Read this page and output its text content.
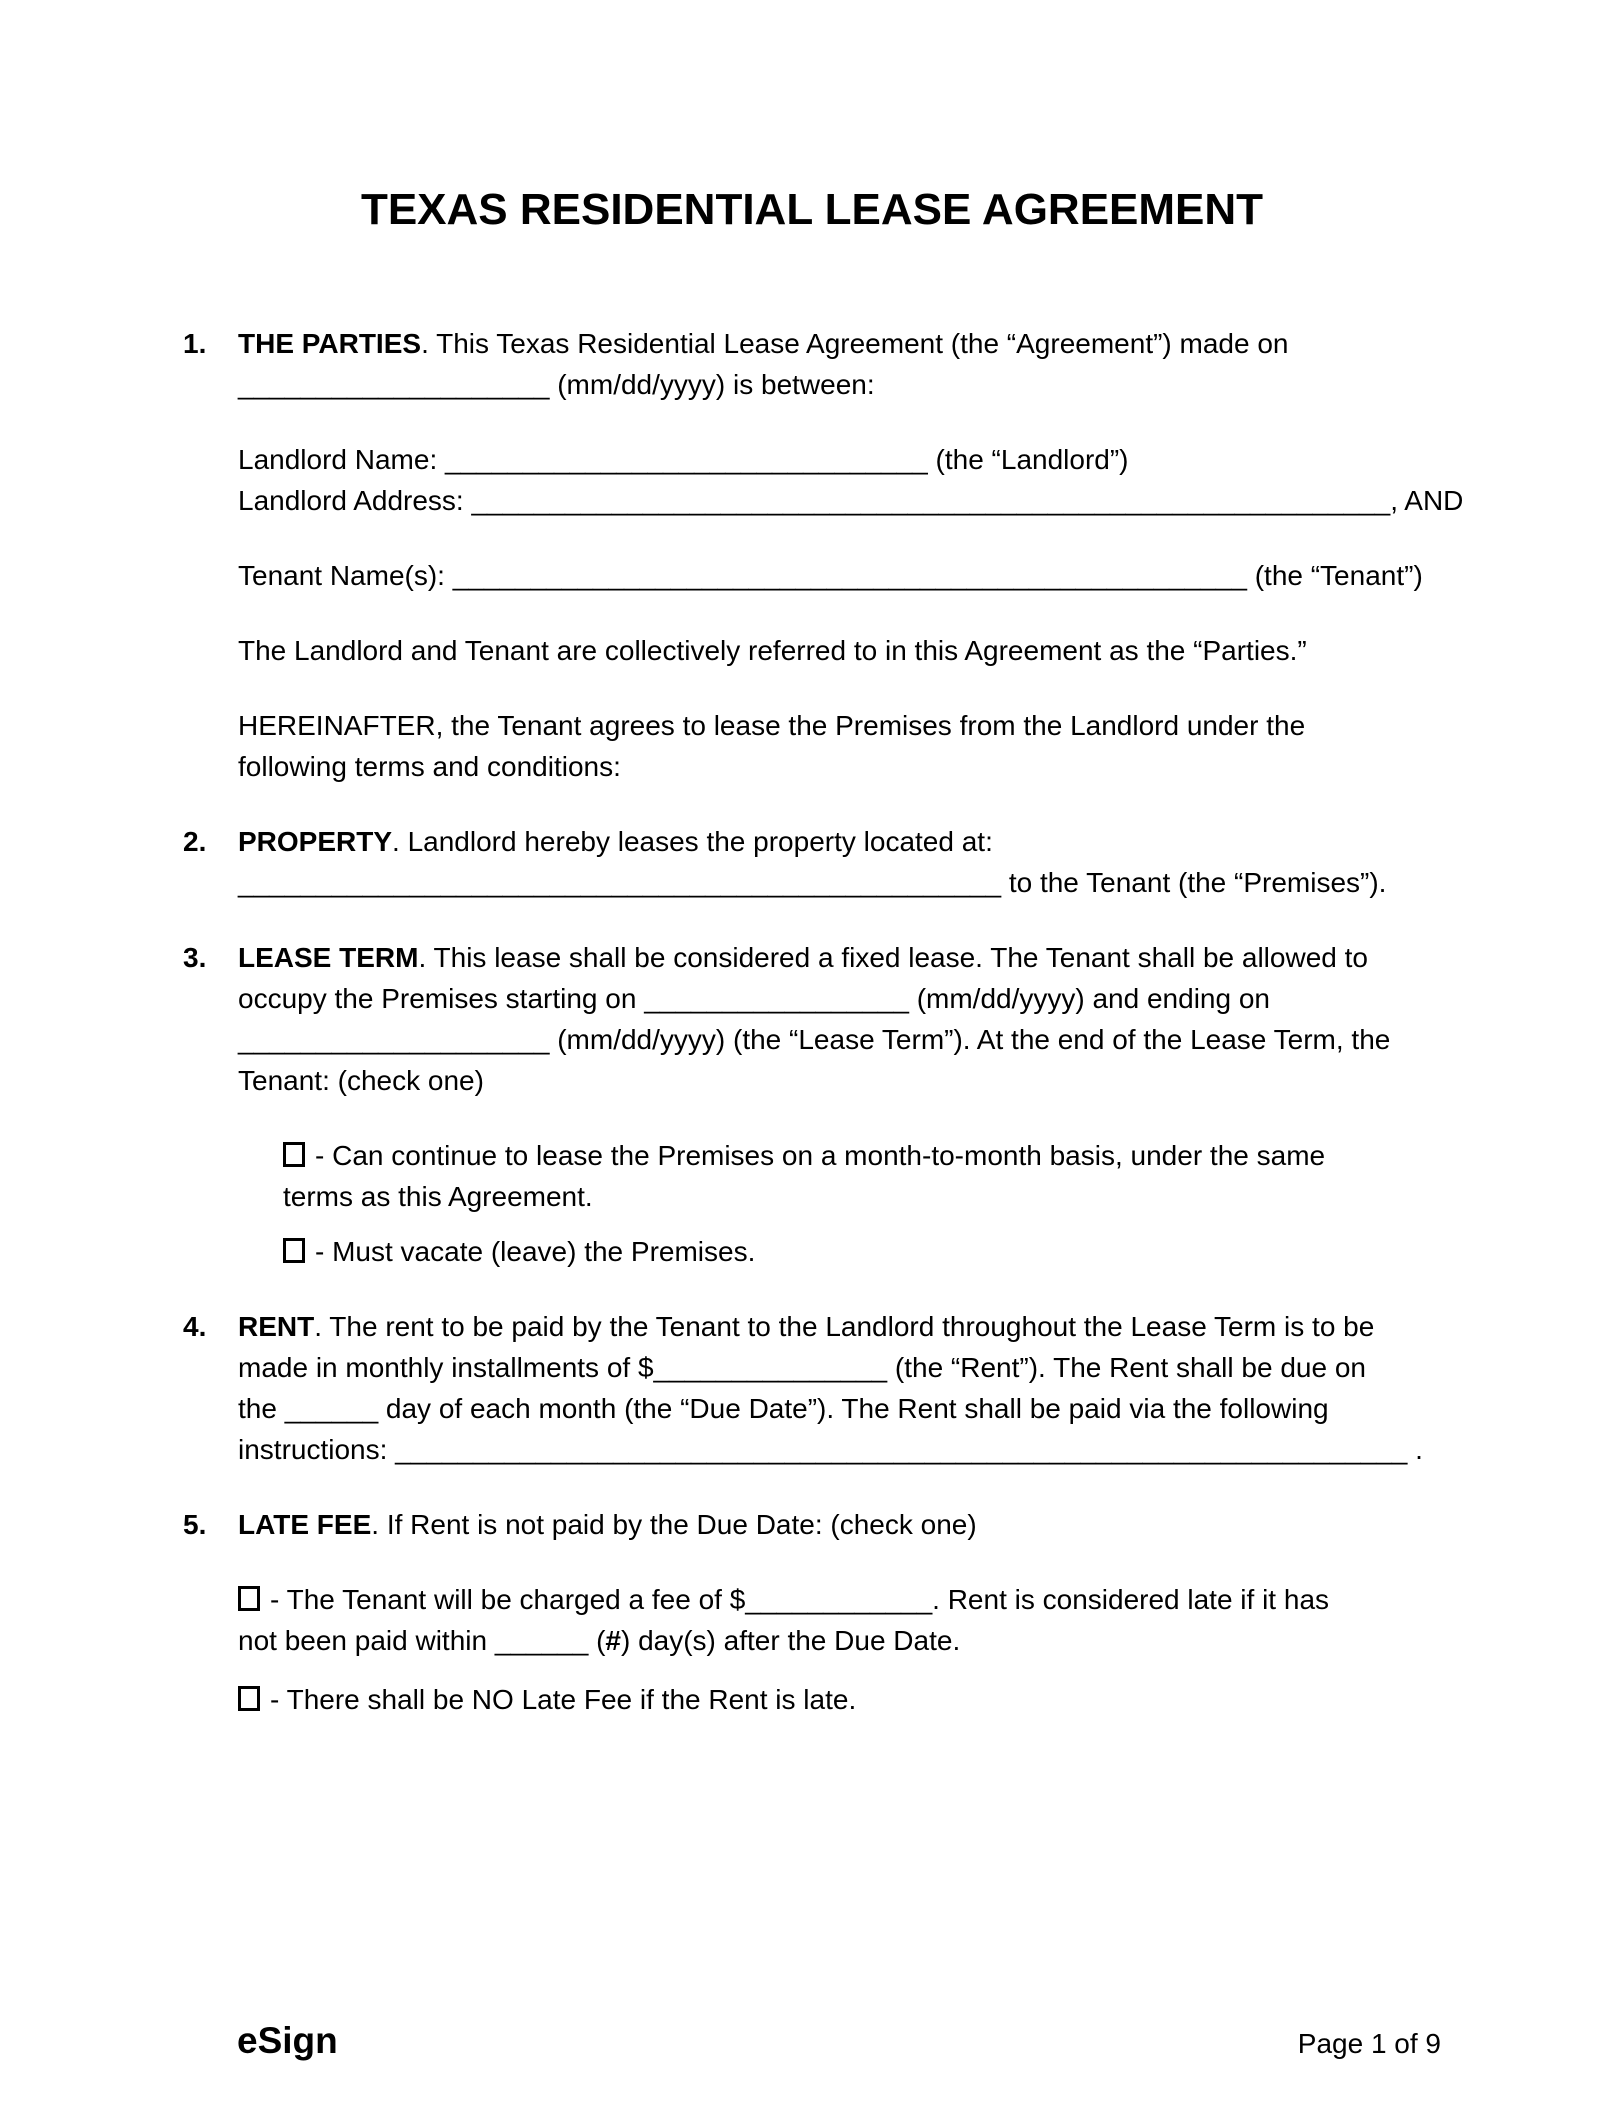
TEXAS RESIDENTIAL LEASE AGREEMENT
1.	THE PARTIES. This Texas Residential Lease Agreement (the “Agreement”) made on
____________________ (mm/dd/yyyy) is between:
Landlord Name: _______________________________ (the “Landlord”)
Landlord Address: ___________________________________________________________, AND
Tenant Name(s): ___________________________________________________ (the “Tenant”)
The Landlord and Tenant are collectively referred to in this Agreement as the “Parties.”
HEREINAFTER, the Tenant agrees to lease the Premises from the Landlord under the
following terms and conditions:
2.	PROPERTY. Landlord hereby leases the property located at:
_________________________________________________ to the Tenant (the “Premises”).
3.	LEASE TERM. This lease shall be considered a fixed lease. The Tenant shall be allowed to
occupy the Premises starting on _________________ (mm/dd/yyyy) and ending on
____________________ (mm/dd/yyyy) (the “Lease Term”). At the end of the Lease Term, the
Tenant: (check one)
- Can continue to lease the Premises on a month-to-month basis, under the same
terms as this Agreement.
- Must vacate (leave) the Premises.
4.	RENT. The rent to be paid by the Tenant to the Landlord throughout the Lease Term is to be
made in monthly installments of $_______________ (the “Rent”). The Rent shall be due on
the ______ day of each month (the “Due Date”). The Rent shall be paid via the following
instructions: _________________________________________________________________ .
5.	LATE FEE. If Rent is not paid by the Due Date: (check one)
- The Tenant will be charged a fee of $____________. Rent is considered late if it has
not been paid within ______ (#) day(s) after the Due Date.
- There shall be NO Late Fee if the Rent is late.
eSign	Page 1 of 9
